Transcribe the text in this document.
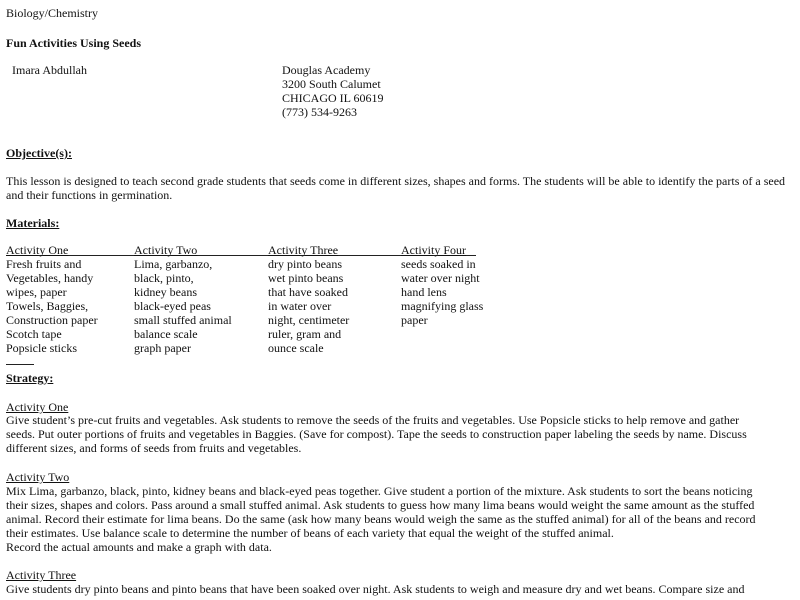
Biology/Chemistry
Fun Activities Using Seeds
Imara Abdullah	Douglas Academy
3200 South Calumet
CHICAGO IL 60619
(773) 534-9263
Objective(s):
This lesson is designed to teach second grade students that seeds come in different sizes, shapes and forms. The students will be able to identify the parts of a seed and their functions in germination.
Materials:
Activity One
Fresh fruits and
Vegetables, handy
wipes, paper
Towels, Baggies,
Construction paper
Scotch tape
Popsicle sticks
Activity Two
Lima, garbanzo,
black, pinto,
kidney beans
black-eyed peas
small stuffed animal
balance scale
graph paper
Activity Three
dry pinto beans
wet pinto beans
that have soaked
in water over
night, centimeter
ruler, gram and
ounce scale
Activity Four
seeds soaked in
water over night
hand lens
magnifying glass
paper
Strategy:
Activity One
Give student’s pre-cut fruits and vegetables. Ask students to remove the seeds of the fruits and vegetables. Use Popsicle sticks to help remove and gather
seeds. Put outer portions of fruits and vegetables in Baggies. (Save for compost). Tape the seeds to construction paper labeling the seeds by name. Discuss
different sizes, and forms of seeds from fruits and vegetables.
Activity Two
Mix Lima, garbanzo, black, pinto, kidney beans and black-eyed peas together. Give student a portion of the mixture. Ask students to sort the beans noticing
their sizes, shapes and colors. Pass around a small stuffed animal. Ask students to guess how many lima beans would weight the same amount as the stuffed
animal. Record their estimate for lima beans. Do the same (ask how many beans would weigh the same as the stuffed animal) for all of the beans and record
their estimates. Use balance scale to determine the number of beans of each variety that equal the weight of the stuffed animal.
Record the actual amounts and make a graph with data.
Activity Three
Give students dry pinto beans and pinto beans that have been soaked over night. Ask students to weigh and measure dry and wet beans. Compare size and
